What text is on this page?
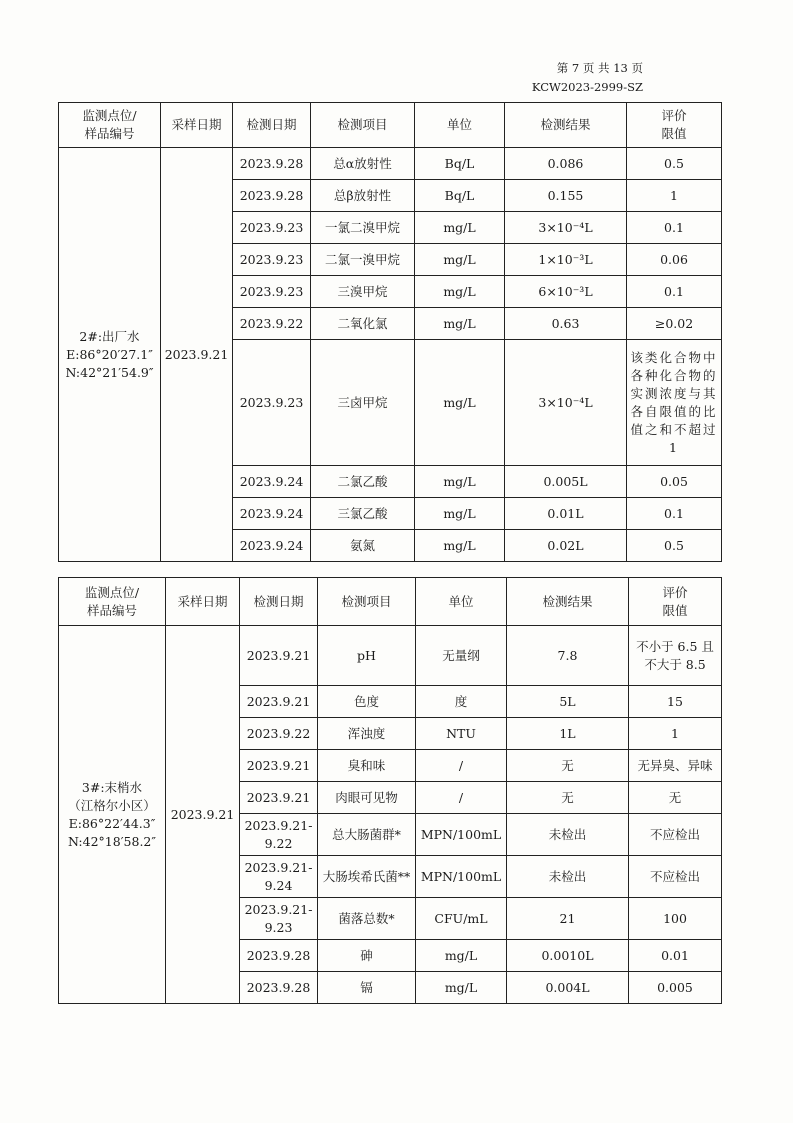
第 7 页 共 13 页
KCW2023-2999-SZ
监测点位/
样品编号	采样日期	检测日期	检测项目	单位	检测结果	评价
限值

2#:出厂水
E:86°20′27.1″
N:42°21′54.9″	2023.9.21	2023.9.28	总α放射性	Bq/L	0.086	0.5
		2023.9.28	总β放射性	Bq/L	0.155	1
		2023.9.23	一氯二溴甲烷	mg/L	3×10⁻⁴L	0.1
		2023.9.23	二氯一溴甲烷	mg/L	1×10⁻³L	0.06
		2023.9.23	三溴甲烷	mg/L	6×10⁻³L	0.1
		2023.9.22	二氧化氯	mg/L	0.63	≥0.02
		2023.9.23	三卤甲烷	mg/L	3×10⁻⁴L	该类化合物中各种化合物的实测浓度与其各自限值的比值之和不超过1
		2023.9.24	二氯乙酸	mg/L	0.005L	0.05
		2023.9.24	三氯乙酸	mg/L	0.01L	0.1
		2023.9.24	氨氮	mg/L	0.02L	0.5
监测点位/
样品编号	采样日期	检测日期	检测项目	单位	检测结果	评价
限值

3#:末梢水
（江格尔小区）
E:86°22′44.3″
N:42°18′58.2″	2023.9.21	2023.9.21	pH	无量纲	7.8	不小于 6.5 且不大于 8.5
		2023.9.21	色度	度	5L	15
		2023.9.22	浑浊度	NTU	1L	1
		2023.9.21	臭和味	/	无	无异臭、异味
		2023.9.21	肉眼可见物	/	无	无
		2023.9.21-9.22	总大肠菌群*	MPN/100mL	未检出	不应检出
		2023.9.21-9.24	大肠埃希氏菌**	MPN/100mL	未检出	不应检出
		2023.9.21-9.23	菌落总数*	CFU/mL	21	100
		2023.9.28	砷	mg/L	0.0010L	0.01
		2023.9.28	镉	mg/L	0.004L	0.005
